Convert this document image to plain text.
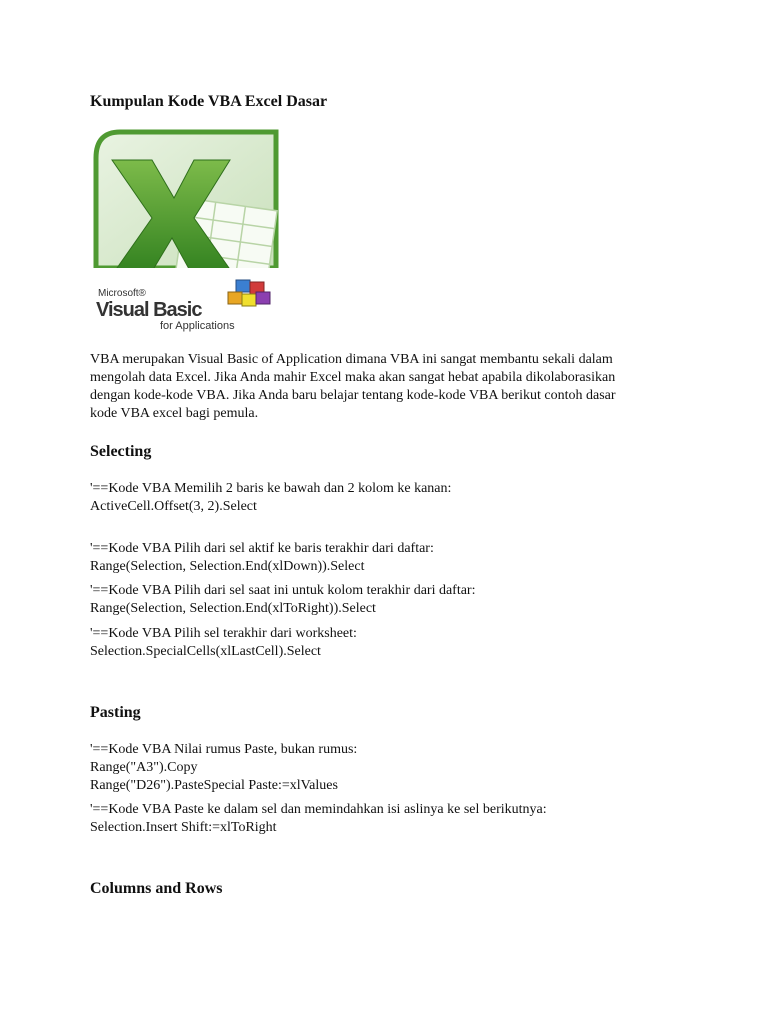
Kumpulan Kode VBA Excel Dasar
Microsoft®
Visual Basic
for Applications

VBA merupakan Visual Basic of Application dimana VBA ini sangat membantu sekali dalam
mengolah data Excel. Jika Anda mahir Excel maka akan sangat hebat apabila dikolaborasikan
dengan kode-kode VBA. Jika Anda baru belajar tentang kode-kode VBA berikut contoh dasar
kode VBA excel bagi pemula.

Selecting
'==Kode VBA Memilih 2 baris ke bawah dan 2 kolom ke kanan:
ActiveCell.Offset(3, 2).Select
'==Kode VBA Pilih dari sel aktif ke baris terakhir dari daftar:
Range(Selection, Selection.End(xlDown)).Select
'==Kode VBA Pilih dari sel saat ini untuk kolom terakhir dari daftar:
Range(Selection, Selection.End(xlToRight)).Select
'==Kode VBA Pilih sel terakhir dari worksheet:
Selection.SpecialCells(xlLastCell).Select
Pasting
'==Kode VBA Nilai rumus Paste, bukan rumus:
Range("A3").Copy
Range("D26").PasteSpecial Paste:=xlValues
'==Kode VBA Paste ke dalam sel dan memindahkan isi aslinya ke sel berikutnya:
Selection.Insert Shift:=xlToRight
Columns and Rows
